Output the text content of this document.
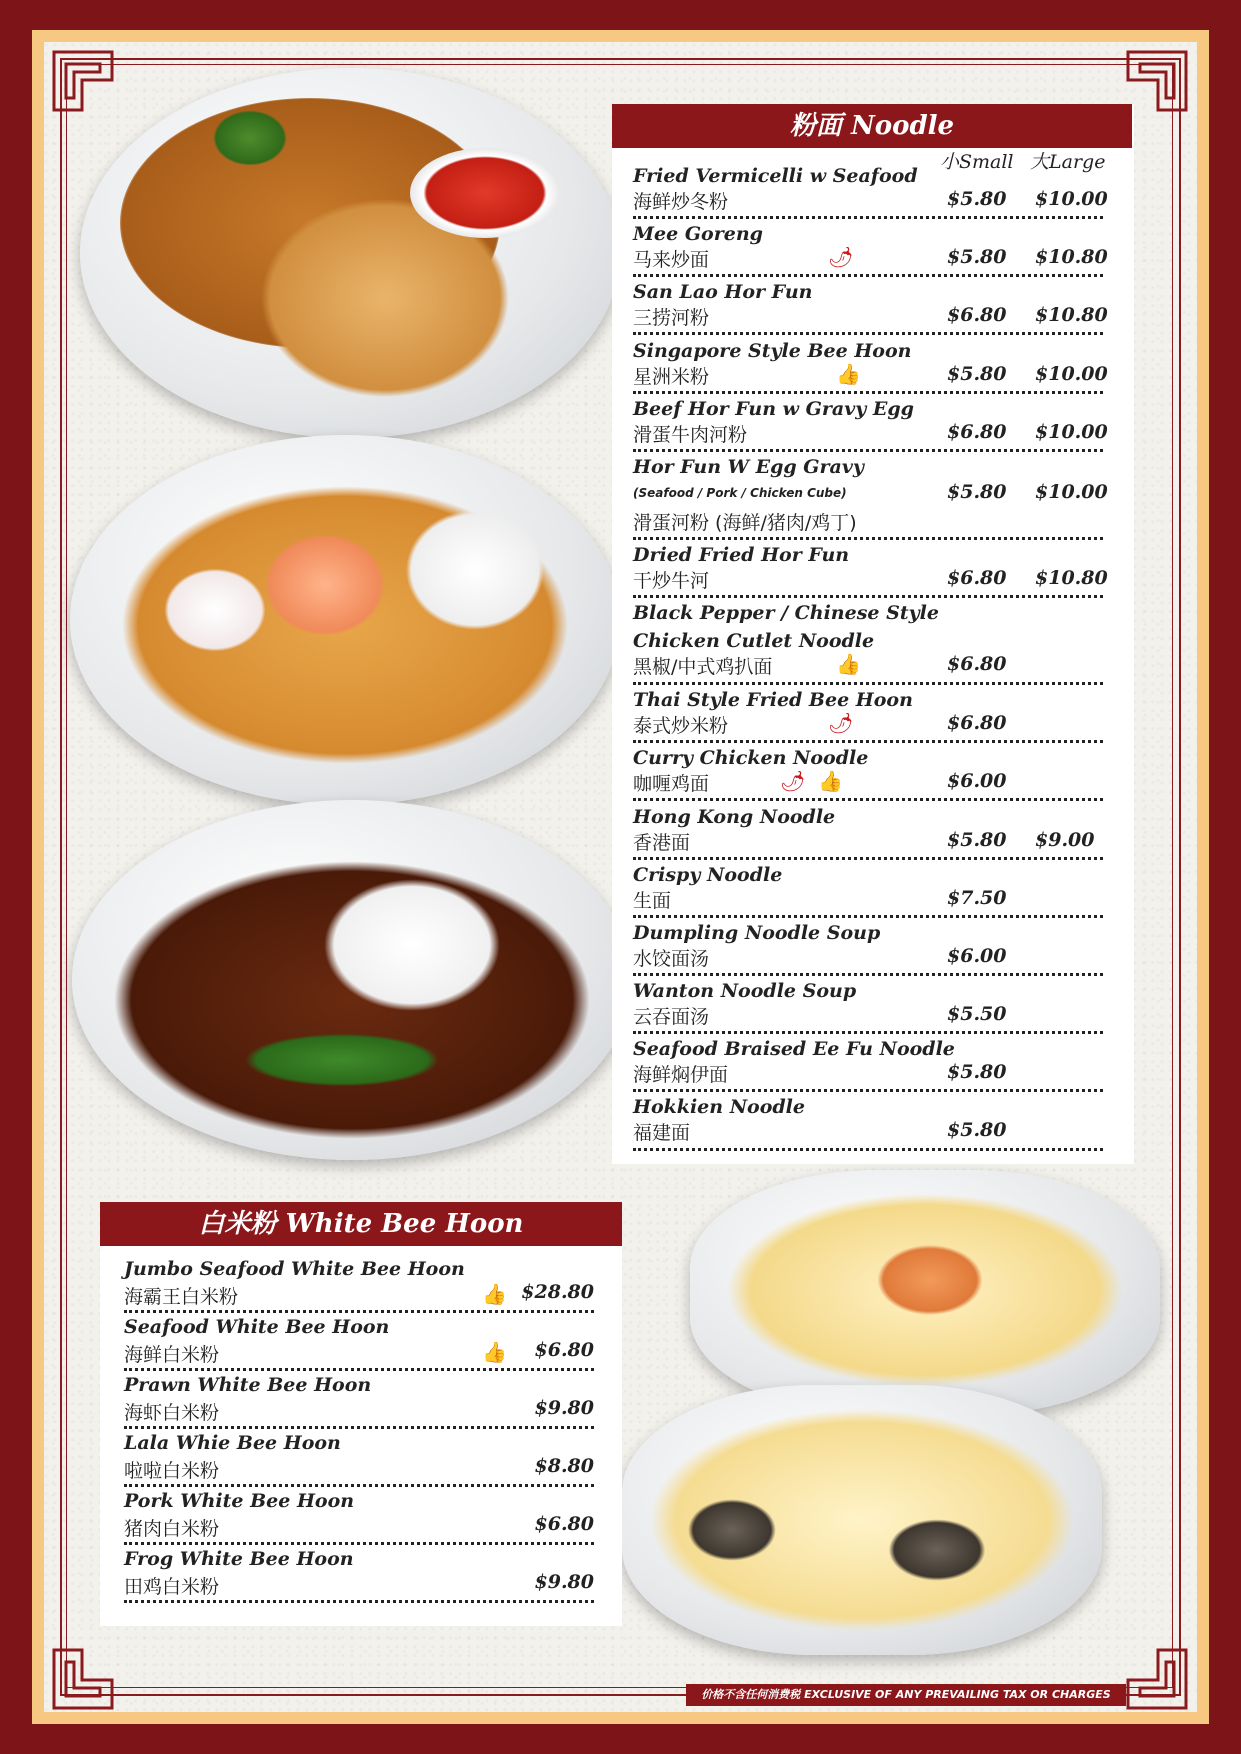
粉面 Noodle
小Small 大Large
Fried Vermicelli w Seafood
海鲜炒冬粉	$5.80 $10.00
Mee Goreng
马来炒面	$5.80 $10.80
🌶
San Lao Hor Fun
三捞河粉	$6.80 $10.80
Singapore Style Bee Hoon
星洲米粉	$5.80 $10.00
👍
Beef Hor Fun w Gravy Egg
滑蛋牛肉河粉	$6.80 $10.00
Hor Fun W Egg Gravy
(Seafood / Pork / Chicken Cube)
滑蛋河粉 (海鲜/猪肉/鸡丁)
$5.80 $10.00
Dried Fried Hor Fun
干炒牛河	$6.80 $10.80
Black Pepper / Chinese Style
Chicken Cutlet Noodle
黑椒/中式鸡扒面	$6.80
👍
Thai Style Fried Bee Hoon
泰式炒米粉	$6.80
🌶
Curry Chicken Noodle
咖喱鸡面	$6.00
🌶 👍
Hong Kong Noodle
香港面	$5.80 $9.00
Crispy Noodle
生面	$7.50
Dumpling Noodle Soup
水饺面汤	$6.00
Wanton Noodle Soup
云吞面汤	$5.50
Seafood Braised Ee Fu Noodle
海鲜焖伊面	$5.80
Hokkien Noodle
福建面	$5.80
白米粉 White Bee Hoon
Jumbo Seafood White Bee Hoon
海霸王白米粉	$28.80
👍
Seafood White Bee Hoon
海鲜白米粉	$6.80
👍
Prawn White Bee Hoon
海虾白米粉	$9.80
Lala Whie Bee Hoon
啦啦白米粉	$8.80
Pork White Bee Hoon
猪肉白米粉	$6.80
Frog White Bee Hoon
田鸡白米粉	$9.80
价格不含任何消费税 EXCLUSIVE OF ANY PREVAILING TAX OR CHARGES
